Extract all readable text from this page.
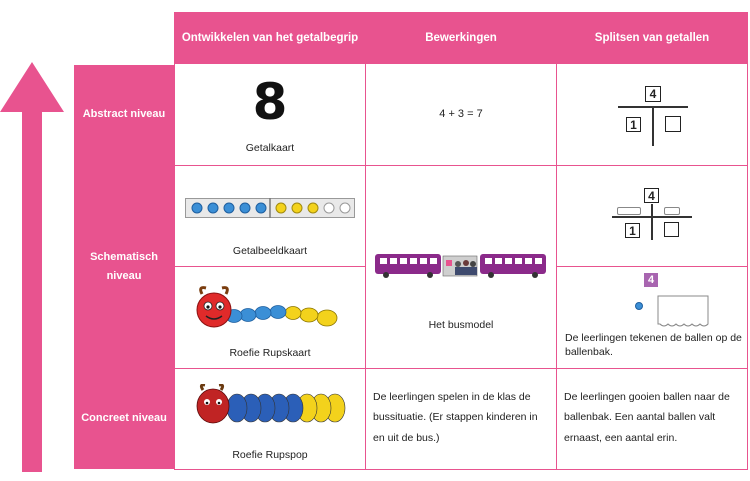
Ontwikkelen van het getalbegrip	Bewerkingen	Splitsen van getallen
Abstract niveau
Schematisch niveau
Concreet niveau
8
Getalkaart
4 + 3 = 7
4
1
Getalbeeldkaart
Roefie Rupskaart
Het busmodel
4
1
4
De leerlingen tekenen de ballen op de ballenbak.
Roefie Rupspop
De leerlingen spelen in de klas de bussituatie. (Er stappen kinderen in en uit de bus.)
De leerlingen gooien ballen naar de ballenbak. Een aantal ballen valt ernaast, een aantal erin.
